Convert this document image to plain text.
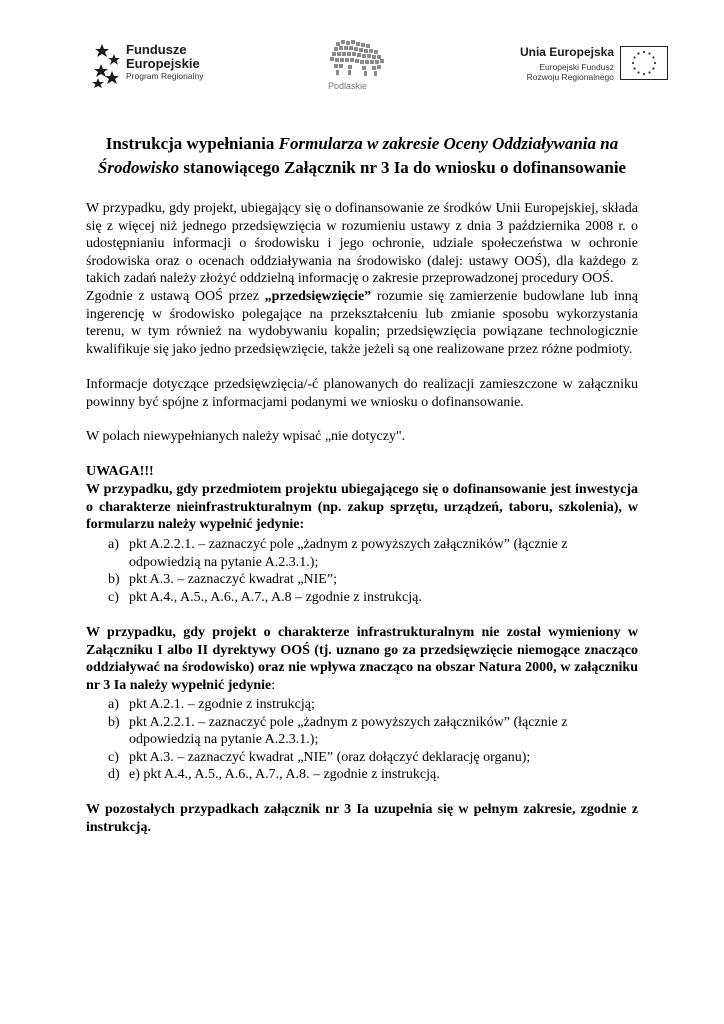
Fundusze
Europejskie
Program Regionalny
Podlaskie
Unia Europejska
Europejski Fundusz
Rozwoju Regionalnego
Instrukcja wypełniania Formularza w zakresie Oceny Oddziaływania na Środowisko stanowiącego Załącznik nr 3 Ia do wniosku o dofinansowanie

W przypadku, gdy projekt, ubiegający się o dofinansowanie ze środków Unii Europejskiej, składa się z więcej niż jednego przedsięwzięcia w rozumieniu ustawy z dnia 3 października 2008 r. o udostępnianiu informacji o środowisku i jego ochronie, udziale społeczeństwa w ochronie środowiska oraz o ocenach oddziaływania na środowisko (dalej: ustawy OOŚ), dla każdego z takich zadań należy złożyć oddzielną informację o zakresie przeprowadzonej procedury OOŚ.

Zgodnie z ustawą OOŚ przez „przedsięwzięcie” rozumie się zamierzenie budowlane lub inną ingerencję w środowisko polegające na przekształceniu lub zmianie sposobu wykorzystania terenu, w tym również na wydobywaniu kopalin; przedsięwzięcia powiązane technologicznie kwalifikuje się jako jedno przedsięwzięcie, także jeżeli są one realizowane przez różne podmioty.

Informacje dotyczące przedsięwzięcia/-ć planowanych do realizacji zamieszczone w załączniku powinny być spójne z informacjami podanymi we wniosku o dofinansowanie.

W polach niewypełnianych należy wpisać „nie dotyczy".

UWAGA!!!

W przypadku, gdy przedmiotem projektu ubiegającego się o dofinansowanie jest inwestycja o charakterze nieinfrastrukturalnym (np. zakup sprzętu, urządzeń, taboru, szkolenia), w formularzu należy wypełnić jedynie:

a) pkt A.2.2.1. – zaznaczyć pole „żadnym z powyższych załączników” (łącznie z odpowiedzią na pytanie A.2.3.1.);
b) pkt A.3. – zaznaczyć kwadrat „NIE”;
c) pkt A.4., A.5., A.6., A.7., A.8 – zgodnie z instrukcją.

W przypadku, gdy projekt o charakterze infrastrukturalnym nie został wymieniony w Załączniku I albo II dyrektywy OOŚ (tj. uznano go za przedsięwzięcie niemogące znacząco oddziaływać na środowisko) oraz nie wpływa znacząco na obszar Natura 2000, w załączniku nr 3 Ia należy wypełnić jedynie:

a) pkt A.2.1. – zgodnie z instrukcją;
b) pkt A.2.2.1. – zaznaczyć pole „żadnym z powyższych załączników” (łącznie z odpowiedzią na pytanie A.2.3.1.);
c) pkt A.3. – zaznaczyć kwadrat „NIE” (oraz dołączyć deklarację organu);
d) e) pkt A.4., A.5., A.6., A.7., A.8. – zgodnie z instrukcją.

W pozostałych przypadkach załącznik nr 3 Ia uzupełnia się w pełnym zakresie, zgodnie z instrukcją.
